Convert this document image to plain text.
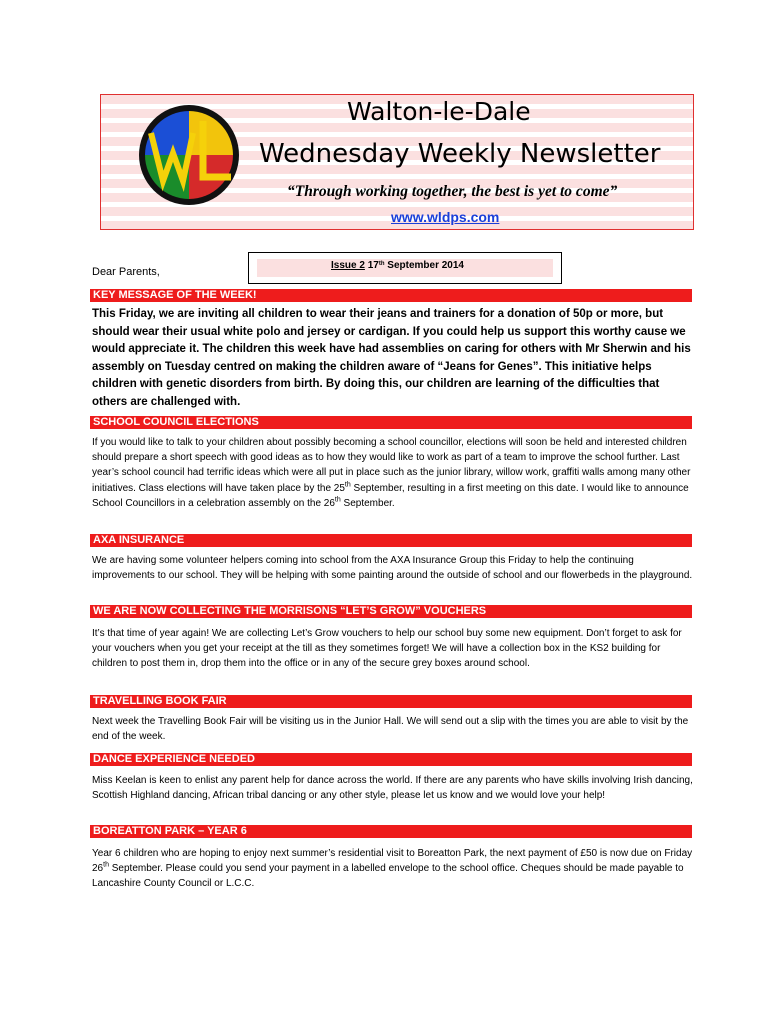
Walton-le-Dale
Wednesday Weekly Newsletter
“Through working together, the best is yet to come”
www.wldps.com
Issue 2 17th September 2014
Dear Parents,
KEY MESSAGE OF THE WEEK!
This Friday, we are inviting all children to wear their jeans and trainers for a donation of 50p or more, but should wear their usual white polo and jersey or cardigan. If you could help us support this worthy cause we would appreciate it. The children this week have had assemblies on caring for others with Mr Sherwin and his assembly on Tuesday centred on making the children aware of “Jeans for Genes”. This initiative helps children with genetic disorders from birth. By doing this, our children are learning of the difficulties that others are challenged with.
SCHOOL COUNCIL ELECTIONS
If you would like to talk to your children about possibly becoming a school councillor, elections will soon be held and interested children should prepare a short speech with good ideas as to how they would like to work as part of a team to improve the school further. Last year’s school council had terrific ideas which were all put in place such as the junior library, willow work, graffiti walls among many other initiatives. Class elections will have taken place by the 25th September, resulting in a first meeting on this date. I would like to announce School Councillors in a celebration assembly on the 26th September.
AXA INSURANCE
We are having some volunteer helpers coming into school from the AXA Insurance Group this Friday to help the continuing improvements to our school. They will be helping with some painting around the outside of school and our flowerbeds in the playground.
WE ARE NOW COLLECTING THE MORRISONS “LET’S GROW” VOUCHERS
It’s that time of year again! We are collecting Let’s Grow vouchers to help our school buy some new equipment. Don’t forget to ask for your vouchers when you get your receipt at the till as they sometimes forget! We will have a collection box in the KS2 building for children to post them in, drop them into the office or in any of the secure grey boxes around school.
TRAVELLING BOOK FAIR
Next week the Travelling Book Fair will be visiting us in the Junior Hall. We will send out a slip with the times you are able to visit by the end of the week.
DANCE EXPERIENCE NEEDED
Miss Keelan is keen to enlist any parent help for dance across the world. If there are any parents who have skills involving Irish dancing, Scottish Highland dancing, African tribal dancing or any other style, please let us know and we would love your help!
BOREATTON PARK – YEAR 6
Year 6 children who are hoping to enjoy next summer’s residential visit to Boreatton Park, the next payment of £50 is now due on Friday 26th September. Please could you send your payment in a labelled envelope to the school office. Cheques should be made payable to Lancashire County Council or L.C.C.
